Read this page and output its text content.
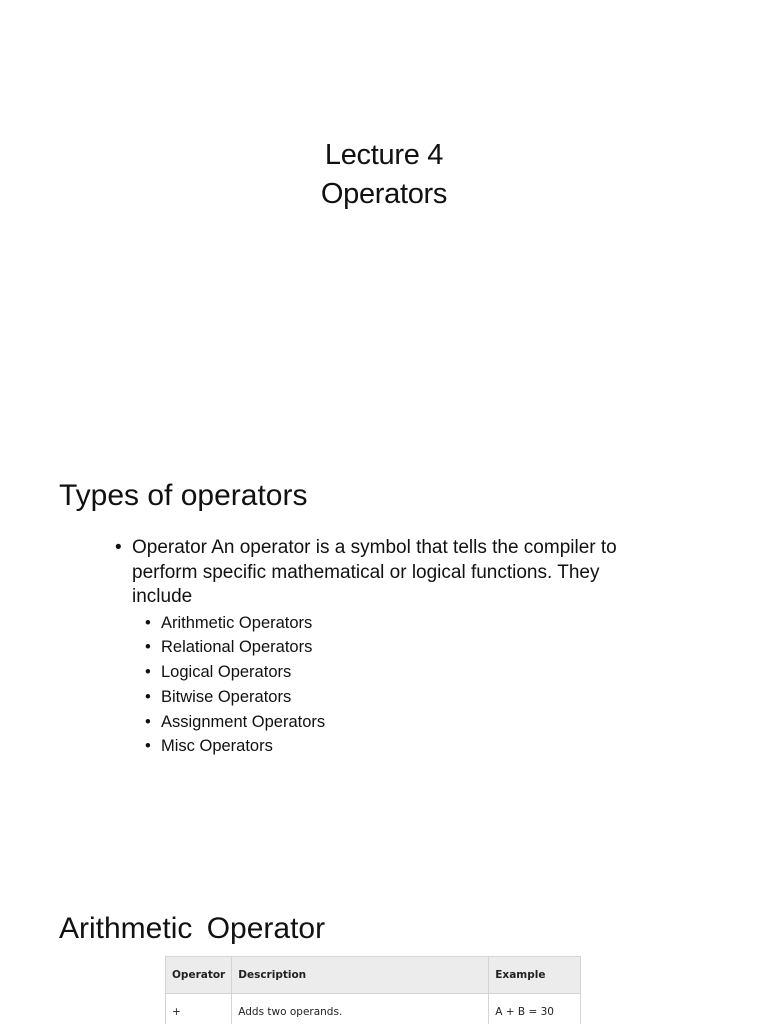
Lecture 4
Operators
Types of operators
• Operator An operator is a symbol that tells the compiler to perform specific mathematical or logical functions. They include
• Arithmetic Operators
• Relational Operators
• Logical Operators
• Bitwise Operators
• Assignment Operators
• Misc Operators
Arithmetic Operator
Operator	Description	Example
+	Adds two operands.	A + B = 30
